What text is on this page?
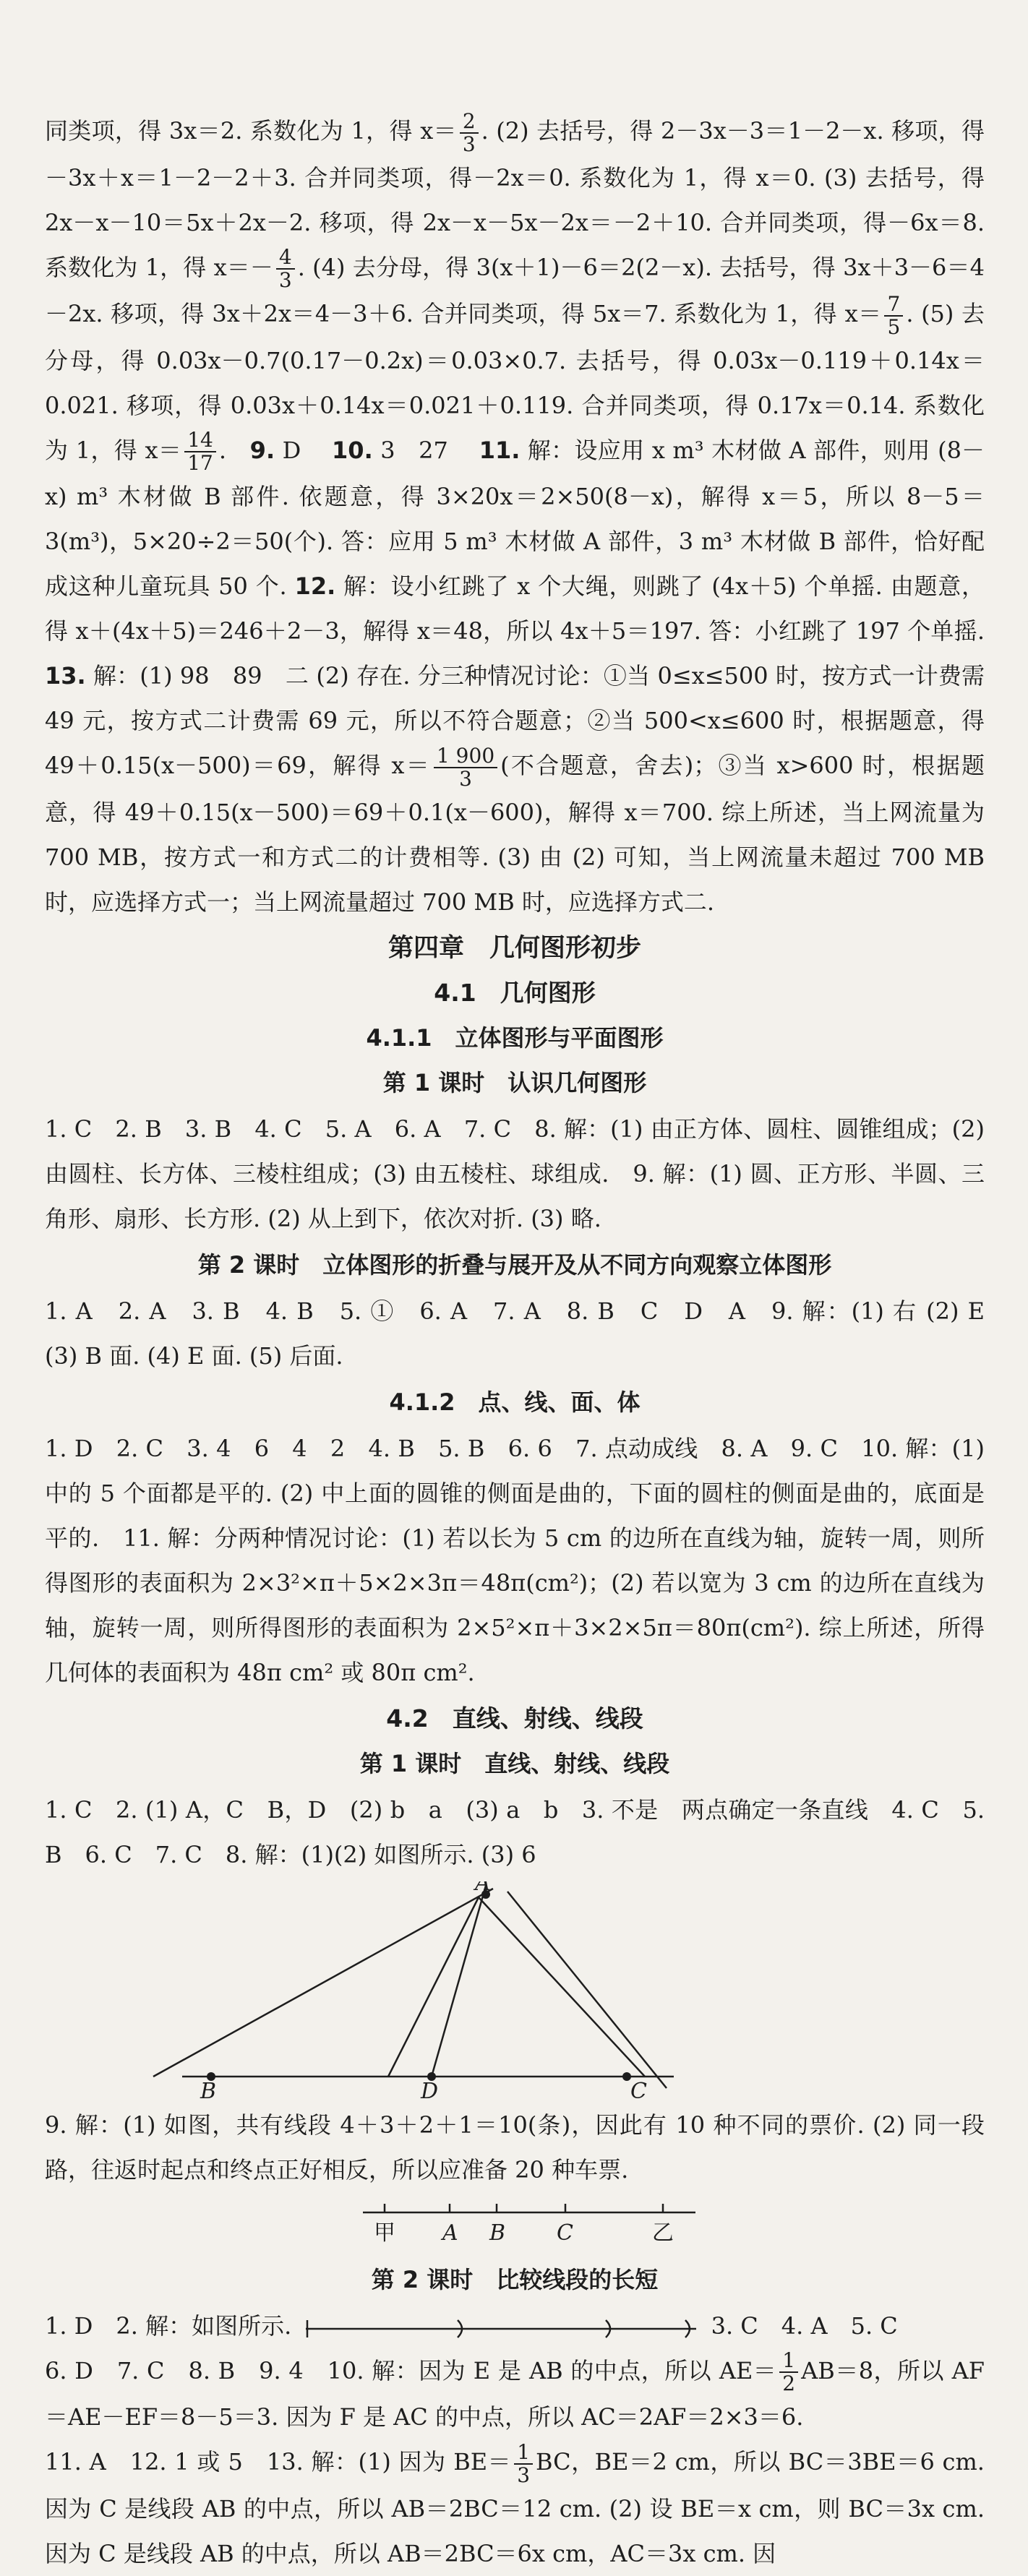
同类项，得 3x＝2. 系数化为 1，得 $x= \frac{2}{3}$ . (2) 去括号，得 2－3x－3＝1－2－x. 移项，得－3x＋x＝1－2－2＋3. 合并同类项，得－2x＝0. 系数化为 1，得 x＝0. (3) 去括号，得 2x－x－10＝5x＋2x－2. 移项，得 2x－x－5x－2x＝－2＋10. 合并同类项，得－6x＝8. 系数化为 1，得 $x=- \frac{4}{3}$ . (4) 去分母，得 3(x＋1)－6＝2(2－x). 去括号，得 3x＋3－6＝4－2x. 移项，得 3x＋2x＝4－3＋6. 合并同类项，得 5x＝7. 系数化为 1，得 $x= \frac{7}{5}$ . (5) 去分母，得 0.03x－0.7(0.17－0.2x)＝0.03×0.7. 去括号，得 0.03x－0.119＋0.14x＝0.021. 移项，得 0.03x＋0.14x＝0.021＋0.119. 合并同类项，得 0.17x＝0.14. 系数化为 1，得 $x= \frac{14}{17}$ .　 9. D 　10. 3　27 　11. 解：设应用 x m³ 木材做 A 部件，则用 (8－x) m³ 木材做 B 部件. 依题意，得 3×20x＝2×50(8－x)，解得 x＝5，所以 8－5＝3(m³)，5×20÷2＝50(个). 答：应用 5 m³ 木材做 A 部件，3 m³ 木材做 B 部件，恰好配成这种儿童玩具 50 个. 12. 解：设小红跳了 x 个大绳，则跳了 (4x＋5) 个单摇. 由题意，得 x＋(4x＋5)＝246＋2－3，解得 x＝48，所以 4x＋5＝197. 答：小红跳了 197 个单摇. 13. 解：(1) 98　89　二 (2) 存在. 分三种情况讨论：①当 0≤x≤500 时，按方式一计费需 49 元，按方式二计费需 69 元，所以不符合题意；②当 500<x≤600 时，根据题意，得 49＋0.15(x－500)＝69，解得 $x= \frac{1 900}{3}$ (不合题意，舍去)；③当 x>600 时，根据题意，得 49＋0.15(x－500)＝69＋0.1(x－600)，解得 x＝700. 综上所述，当上网流量为 700 MB，按方式一和方式二的计费相等. (3) 由 (2) 可知，当上网流量未超过 700 MB 时，应选择方式一；当上网流量超过 700 MB 时，应选择方式二.

第四章　几何图形初步
4.1　几何图形
4.1.1　立体图形与平面图形
第 1 课时　认识几何图形

1. C　2. B　3. B　4. C　5. A　6. A　7. C　8. 解：(1) 由正方体、圆柱、圆锥组成；(2) 由圆柱、长方体、三棱柱组成；(3) 由五棱柱、球组成.　9. 解：(1) 圆、正方形、半圆、三角形、扇形、长方形. (2) 从上到下，依次对折. (3) 略.

第 2 课时　立体图形的折叠与展开及从不同方向观察立体图形

1. A　2. A　3. B　4. B　5. ①　6. A　7. A　8. B　C　D　A　9. 解：(1) 右 (2) E　(3) B 面. (4) E 面. (5) 后面.

4.1.2　点、线、面、体

1. D　2. C　3. 4　6　4　2　4. B　5. B　6. 6　7. 点动成线　8. A　9. C　10. 解：(1) 中的 5 个面都是平的. (2) 中上面的圆锥的侧面是曲的，下面的圆柱的侧面是曲的，底面是平的.　11. 解：分两种情况讨论：(1) 若以长为 5 cm 的边所在直线为轴，旋转一周，则所得图形的表面积为 2×3²×π＋5×2×3π＝48π(cm²)；(2) 若以宽为 3 cm 的边所在直线为轴，旋转一周，则所得图形的表面积为 2×5²×π＋3×2×5π＝80π(cm²). 综上所述，所得几何体的表面积为 48π cm² 或 80π cm².

4.2　直线、射线、线段
第 1 课时　直线、射线、线段

1. C　2. (1) A，C　B，D　(2) b　a　(3) a　b　3. 不是　两点确定一条直线　4. C　5. B　6. C　7. C　8. 解：(1)(2) 如图所示. (3) 6

A
B	C
D

9. 解：(1) 如图，共有线段 4＋3＋2＋1＝10(条)，因此有 10 种不同的票价. (2) 同一段路，往返时起点和终点正好相反，所以应准备 20 种车票.

甲 A B C	乙
第 2 课时　比较线段的长短

1. D　2. 解：如图所示.	3. C　4. A　5. C

6. D　7. C　8. B　9. 4　10. 解：因为 E 是 AB 的中点，所以 $AE= \frac{1}{2} AB=8$，所以 AF＝AE－EF＝8－5＝3. 因为 F 是 AC 的中点，所以 AC＝2AF＝2×3＝6.

11. A　12. 1 或 5　13. 解：(1) 因为 $BE= \frac{1}{3}$ BC，BE＝2 cm，所以 BC＝3BE＝6 cm. 因为 C 是线段 AB 的中点，所以 AB＝2BC＝12 cm. (2) 设 BE＝x cm，则 BC＝3x cm. 因为 C 是线段 AB 的中点，所以 AB＝2BC＝6x cm，AC＝3x cm. 因
